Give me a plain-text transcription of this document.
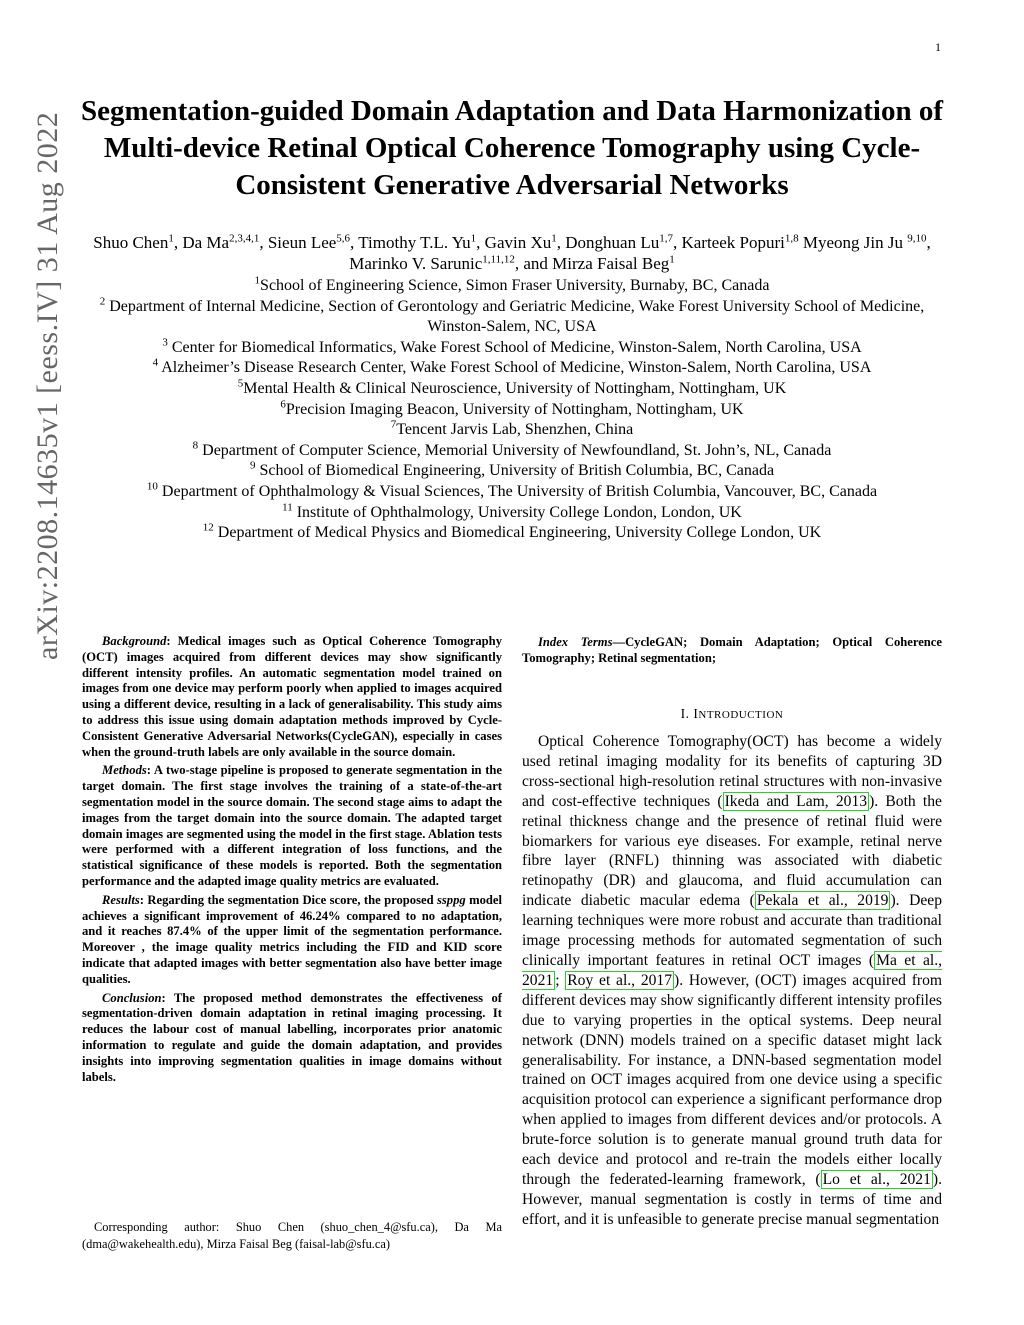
1
arXiv:2208.14635v1 [eess.IV] 31 Aug 2022
Segmentation-guided Domain Adaptation and Data Harmonization of Multi-device Retinal Optical Coherence Tomography using Cycle-Consistent Generative Adversarial Networks
Shuo Chen$^1$, Da Ma$^{2,3,4,1}$, Sieun Lee$^{5,6}$, Timothy T.L. Yu$^1$, Gavin Xu$^1$, Donghuan Lu$^{1,7}$, Karteek Popuri$^{1,8}$ Myeong Jin Ju $^{9,10}$, Marinko V. Sarunic$^{1,11,12}$, and Mirza Faisal Beg$^1$
$^1$School of Engineering Science, Simon Fraser University, Burnaby, BC, Canada
$^2$ Department of Internal Medicine, Section of Gerontology and Geriatric Medicine, Wake Forest University School of Medicine, Winston-Salem, NC, USA
$^3$ Center for Biomedical Informatics, Wake Forest School of Medicine, Winston-Salem, North Carolina, USA
$^4$ Alzheimer’s Disease Research Center, Wake Forest School of Medicine, Winston-Salem, North Carolina, USA
$^5$Mental Health & Clinical Neuroscience, University of Nottingham, Nottingham, UK
$^6$Precision Imaging Beacon, University of Nottingham, Nottingham, UK
$^7$Tencent Jarvis Lab, Shenzhen, China
$^8$ Department of Computer Science, Memorial University of Newfoundland, St. John’s, NL, Canada
$^9$ School of Biomedical Engineering, University of British Columbia, BC, Canada
$^{10}$ Department of Ophthalmology & Visual Sciences, The University of British Columbia, Vancouver, BC, Canada
$^{11}$ Institute of Ophthalmology, University College London, London, UK
$^{12}$ Department of Medical Physics and Biomedical Engineering, University College London, UK

Background: Medical images such as Optical Coherence Tomography (OCT) images acquired from different devices may show significantly different intensity profiles. An automatic segmentation model trained on images from one device may perform poorly when applied to images acquired using a different device, resulting in a lack of generalisability. This study aims to address this issue using domain adaptation methods improved by Cycle-Consistent Generative Adversarial Networks(CycleGAN), especially in cases when the ground-truth labels are only available in the source domain.

Methods: A two-stage pipeline is proposed to generate segmentation in the target domain. The first stage involves the training of a state-of-the-art segmentation model in the source domain. The second stage aims to adapt the images from the target domain into the source domain. The adapted target domain images are segmented using the model in the first stage. Ablation tests were performed with a different integration of loss functions, and the statistical significance of these models is reported. Both the segmentation performance and the adapted image quality metrics are evaluated.

Results: Regarding the segmentation Dice score, the proposed ssppg model achieves a significant improvement of 46.24% compared to no adaptation, and it reaches 87.4% of the upper limit of the segmentation performance. Moreover , the image quality metrics including the FID and KID score indicate that adapted images with better segmentation also have better image qualities.

Conclusion: The proposed method demonstrates the effectiveness of segmentation-driven domain adaptation in retinal imaging processing. It reduces the labour cost of manual labelling, incorporates prior anatomic information to regulate and guide the domain adaptation, and provides insights into improving segmentation qualities in image domains without labels.

Corresponding author: Shuo Chen (shuo_chen_4@sfu.ca), Da Ma (dma@wakehealth.edu), Mirza Faisal Beg (faisal-lab@sfu.ca)

Index Terms—CycleGAN; Domain Adaptation; Optical Coherence Tomography; Retinal segmentation;

I. INTRODUCTION

Optical Coherence Tomography(OCT) has become a widely used retinal imaging modality for its benefits of capturing 3D cross-sectional high-resolution retinal structures with non-invasive and cost-effective techniques ( Ikeda and Lam, 2013 ). Both the retinal thickness change and the presence of retinal fluid were biomarkers for various eye diseases. For example, retinal nerve fibre layer (RNFL) thinning was associated with diabetic retinopathy (DR) and glaucoma, and fluid accumulation can indicate diabetic macular edema ( Pekala et al., 2019 ). Deep learning techniques were more robust and accurate than traditional image processing methods for automated segmentation of such clinically important features in retinal OCT images ( Ma et al., 2021 ; Roy et al., 2017 ). However, (OCT) images acquired from different devices may show significantly different intensity profiles due to varying properties in the optical systems. Deep neural network (DNN) models trained on a specific dataset might lack generalisability. For instance, a DNN-based segmentation model trained on OCT images acquired from one device using a specific acquisition protocol can experience a significant performance drop when applied to images from different devices and/or protocols. A brute-force solution is to generate manual ground truth data for each device and protocol and re-train the models either locally through the federated-learning framework, ( Lo et al., 2021 ). However, manual segmentation is costly in terms of time and effort, and it is unfeasible to generate precise manual segmentation
